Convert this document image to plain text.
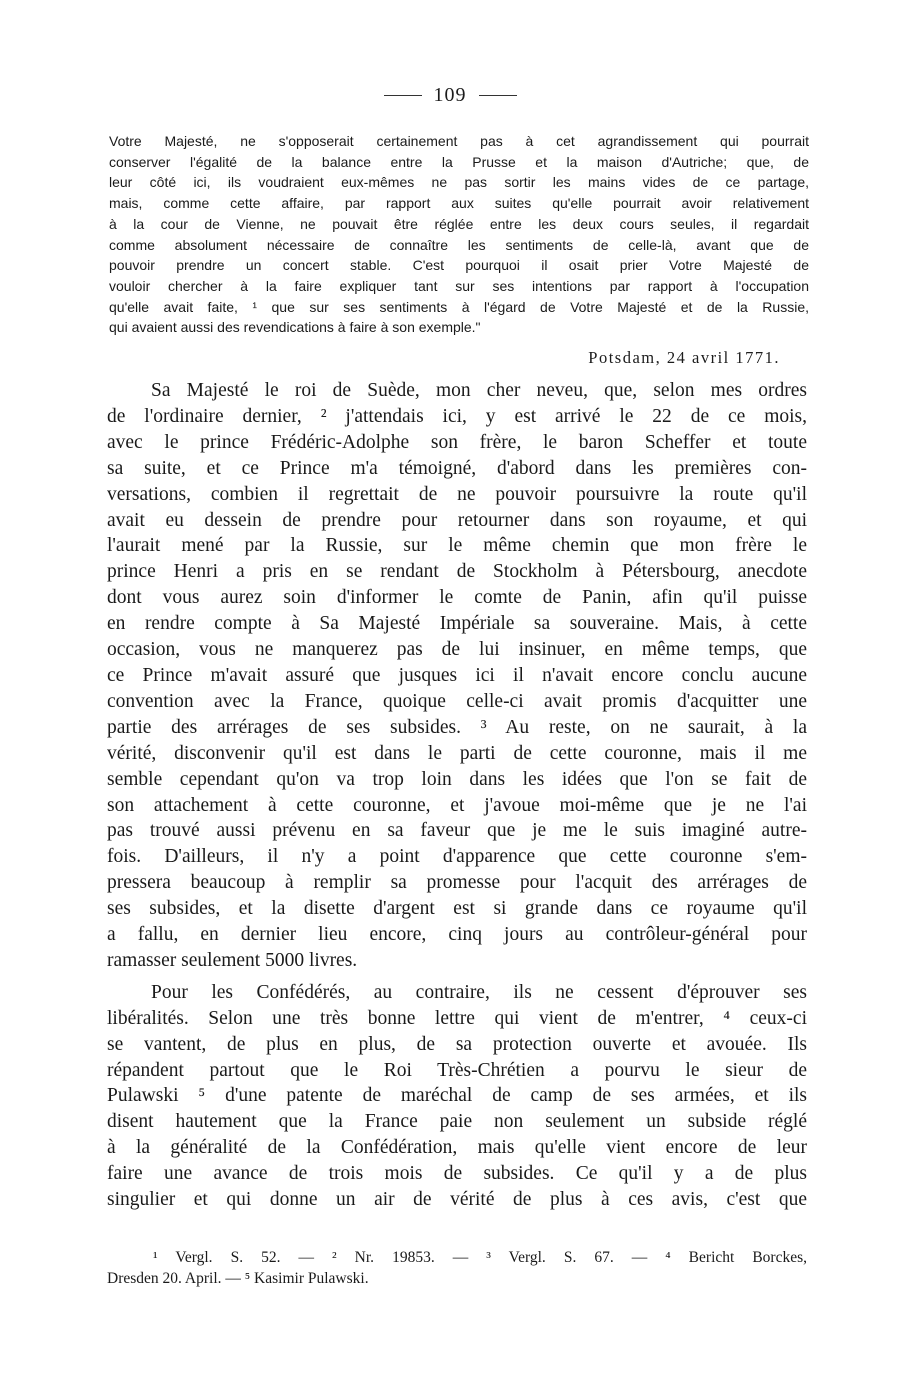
109
Votre Majesté, ne s'opposerait certainement pas à cet agrandissement qui pourrait
conserver l'égalité de la balance entre la Prusse et la maison d'Autriche; que, de
leur côté ici, ils voudraient eux-mêmes ne pas sortir les mains vides de ce partage,
mais, comme cette affaire, par rapport aux suites qu'elle pourrait avoir relativement
à la cour de Vienne, ne pouvait être réglée entre les deux cours seules, il regardait
comme absolument nécessaire de connaître les sentiments de celle-là, avant que de
pouvoir prendre un concert stable. C'est pourquoi il osait prier Votre Majesté de
vouloir chercher à la faire expliquer tant sur ses intentions par rapport à l'occupation
qu'elle avait faite, ¹ que sur ses sentiments à l'égard de Votre Majesté et de la Russie,
qui avaient aussi des revendications à faire à son exemple."
Potsdam, 24 avril 1771.
Sa Majesté le roi de Suède, mon cher neveu, que, selon mes ordres
de l'ordinaire dernier, ² j'attendais ici, y est arrivé le 22 de ce mois,
avec le prince Frédéric-Adolphe son frère, le baron Scheffer et toute
sa suite, et ce Prince m'a témoigné, d'abord dans les premières con-
versations, combien il regrettait de ne pouvoir poursuivre la route qu'il
avait eu dessein de prendre pour retourner dans son royaume, et qui
l'aurait mené par la Russie, sur le même chemin que mon frère le
prince Henri a pris en se rendant de Stockholm à Pétersbourg, anecdote
dont vous aurez soin d'informer le comte de Panin, afin qu'il puisse
en rendre compte à Sa Majesté Impériale sa souveraine. Mais, à cette
occasion, vous ne manquerez pas de lui insinuer, en même temps, que
ce Prince m'avait assuré que jusques ici il n'avait encore conclu aucune
convention avec la France, quoique celle-ci avait promis d'acquitter une
partie des arrérages de ses subsides. ³ Au reste, on ne saurait, à la
vérité, disconvenir qu'il est dans le parti de cette couronne, mais il me
semble cependant qu'on va trop loin dans les idées que l'on se fait de
son attachement à cette couronne, et j'avoue moi-même que je ne l'ai
pas trouvé aussi prévenu en sa faveur que je me le suis imaginé autre-
fois. D'ailleurs, il n'y a point d'apparence que cette couronne s'em-
pressera beaucoup à remplir sa promesse pour l'acquit des arrérages de
ses subsides, et la disette d'argent est si grande dans ce royaume qu'il
a fallu, en dernier lieu encore, cinq jours au contrôleur-général pour
ramasser seulement 5000 livres.
Pour les Confédérés, au contraire, ils ne cessent d'éprouver ses
libéralités. Selon une très bonne lettre qui vient de m'entrer, ⁴ ceux-ci
se vantent, de plus en plus, de sa protection ouverte et avouée. Ils
répandent partout que le Roi Très-Chrétien a pourvu le sieur de
Pulawski ⁵ d'une patente de maréchal de camp de ses armées, et ils
disent hautement que la France paie non seulement un subside réglé
à la généralité de la Confédération, mais qu'elle vient encore de leur
faire une avance de trois mois de subsides. Ce qu'il y a de plus
singulier et qui donne un air de vérité de plus à ces avis, c'est que
¹ Vergl. S. 52. — ² Nr. 19853. — ³ Vergl. S. 67. — ⁴ Bericht Borckes,
Dresden 20. April. — ⁵ Kasimir Pulawski.
